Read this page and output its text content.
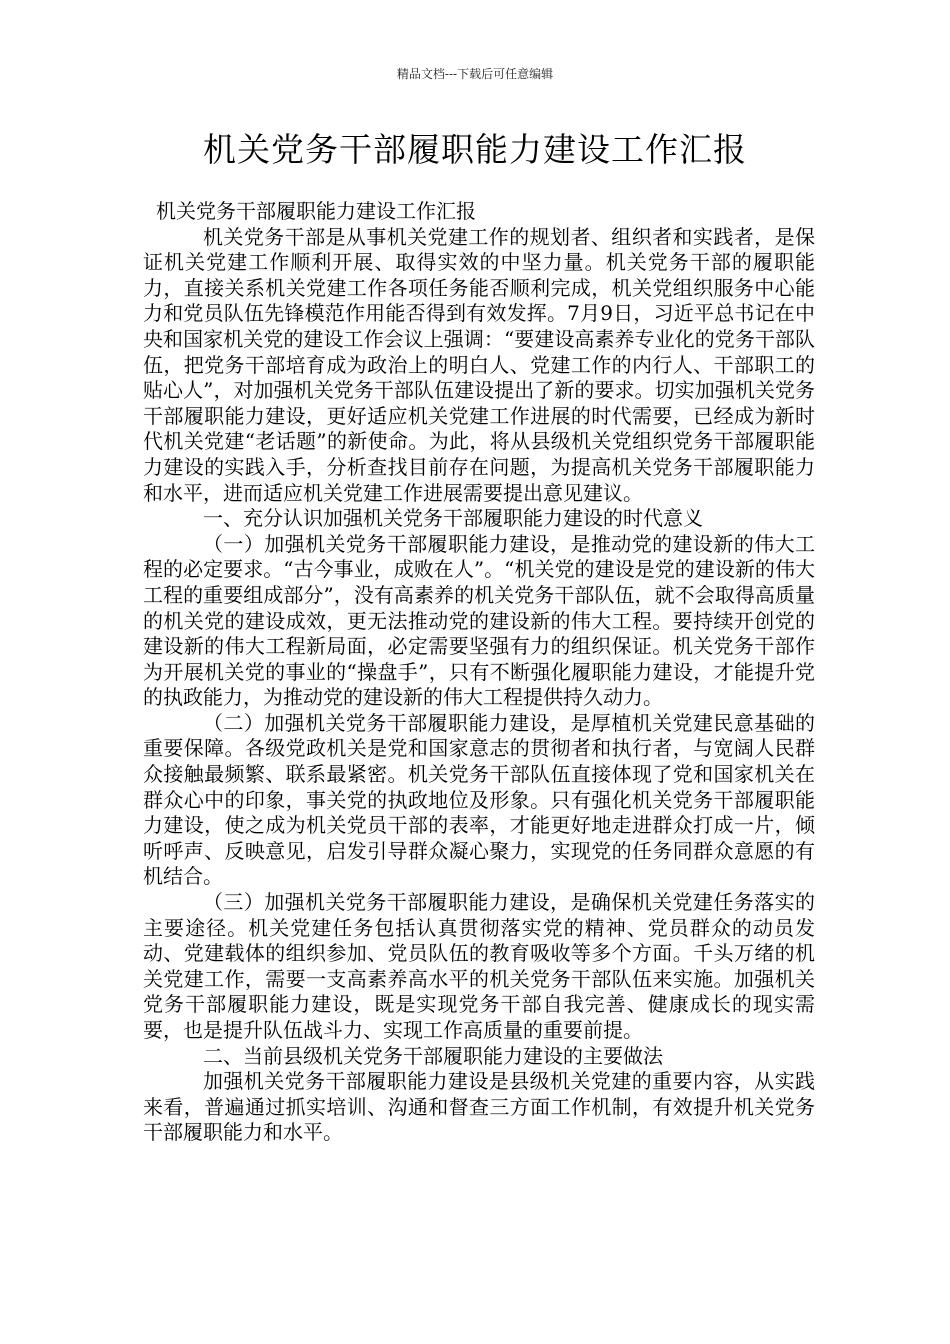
精品文档---下载后可任意编辑
机关党务干部履职能力建设工作汇报

机关党务干部履职能力建设工作汇报

机关党务干部是从事机关党建工作的规划者、组织者和实践者，是保证机关党建工作顺利开展、取得实效的中坚力量。机关党务干部的履职能力，直接关系机关党建工作各项任务能否顺利完成，机关党组织服务中心能力和党员队伍先锋模范作用能否得到有效发挥。7月9日，习近平总书记在中央和国家机关党的建设工作会议上强调：“要建设高素养专业化的党务干部队伍，把党务干部培育成为政治上的明白人、党建工作的内行人、干部职工的贴心人”，对加强机关党务干部队伍建设提出了新的要求。切实加强机关党务干部履职能力建设，更好适应机关党建工作进展的时代需要，已经成为新时代机关党建“老话题”的新使命。为此，将从县级机关党组织党务干部履职能力建设的实践入手，分析查找目前存在问题，为提高机关党务干部履职能力和水平，进而适应机关党建工作进展需要提出意见建议。

一、充分认识加强机关党务干部履职能力建设的时代意义

（一）加强机关党务干部履职能力建设，是推动党的建设新的伟大工程的必定要求。“古今事业，成败在人”。“机关党的建设是党的建设新的伟大工程的重要组成部分”，没有高素养的机关党务干部队伍，就不会取得高质量的机关党的建设成效，更无法推动党的建设新的伟大工程。要持续开创党的建设新的伟大工程新局面，必定需要坚强有力的组织保证。机关党务干部作为开展机关党的事业的“操盘手”，只有不断强化履职能力建设，才能提升党的执政能力，为推动党的建设新的伟大工程提供持久动力。

（二）加强机关党务干部履职能力建设，是厚植机关党建民意基础的重要保障。各级党政机关是党和国家意志的贯彻者和执行者，与宽阔人民群众接触最频繁、联系最紧密。机关党务干部队伍直接体现了党和国家机关在群众心中的印象，事关党的执政地位及形象。只有强化机关党务干部履职能力建设，使之成为机关党员干部的表率，才能更好地走进群众打成一片，倾听呼声、反映意见，启发引导群众凝心聚力，实现党的任务同群众意愿的有机结合。

（三）加强机关党务干部履职能力建设，是确保机关党建任务落实的主要途径。机关党建任务包括认真贯彻落实党的精神、党员群众的动员发动、党建载体的组织参加、党员队伍的教育吸收等多个方面。千头万绪的机关党建工作，需要一支高素养高水平的机关党务干部队伍来实施。加强机关党务干部履职能力建设，既是实现党务干部自我完善、健康成长的现实需要，也是提升队伍战斗力、实现工作高质量的重要前提。

二、当前县级机关党务干部履职能力建设的主要做法

加强机关党务干部履职能力建设是县级机关党建的重要内容，从实践来看，普遍通过抓实培训、沟通和督查三方面工作机制，有效提升机关党务干部履职能力和水平。
